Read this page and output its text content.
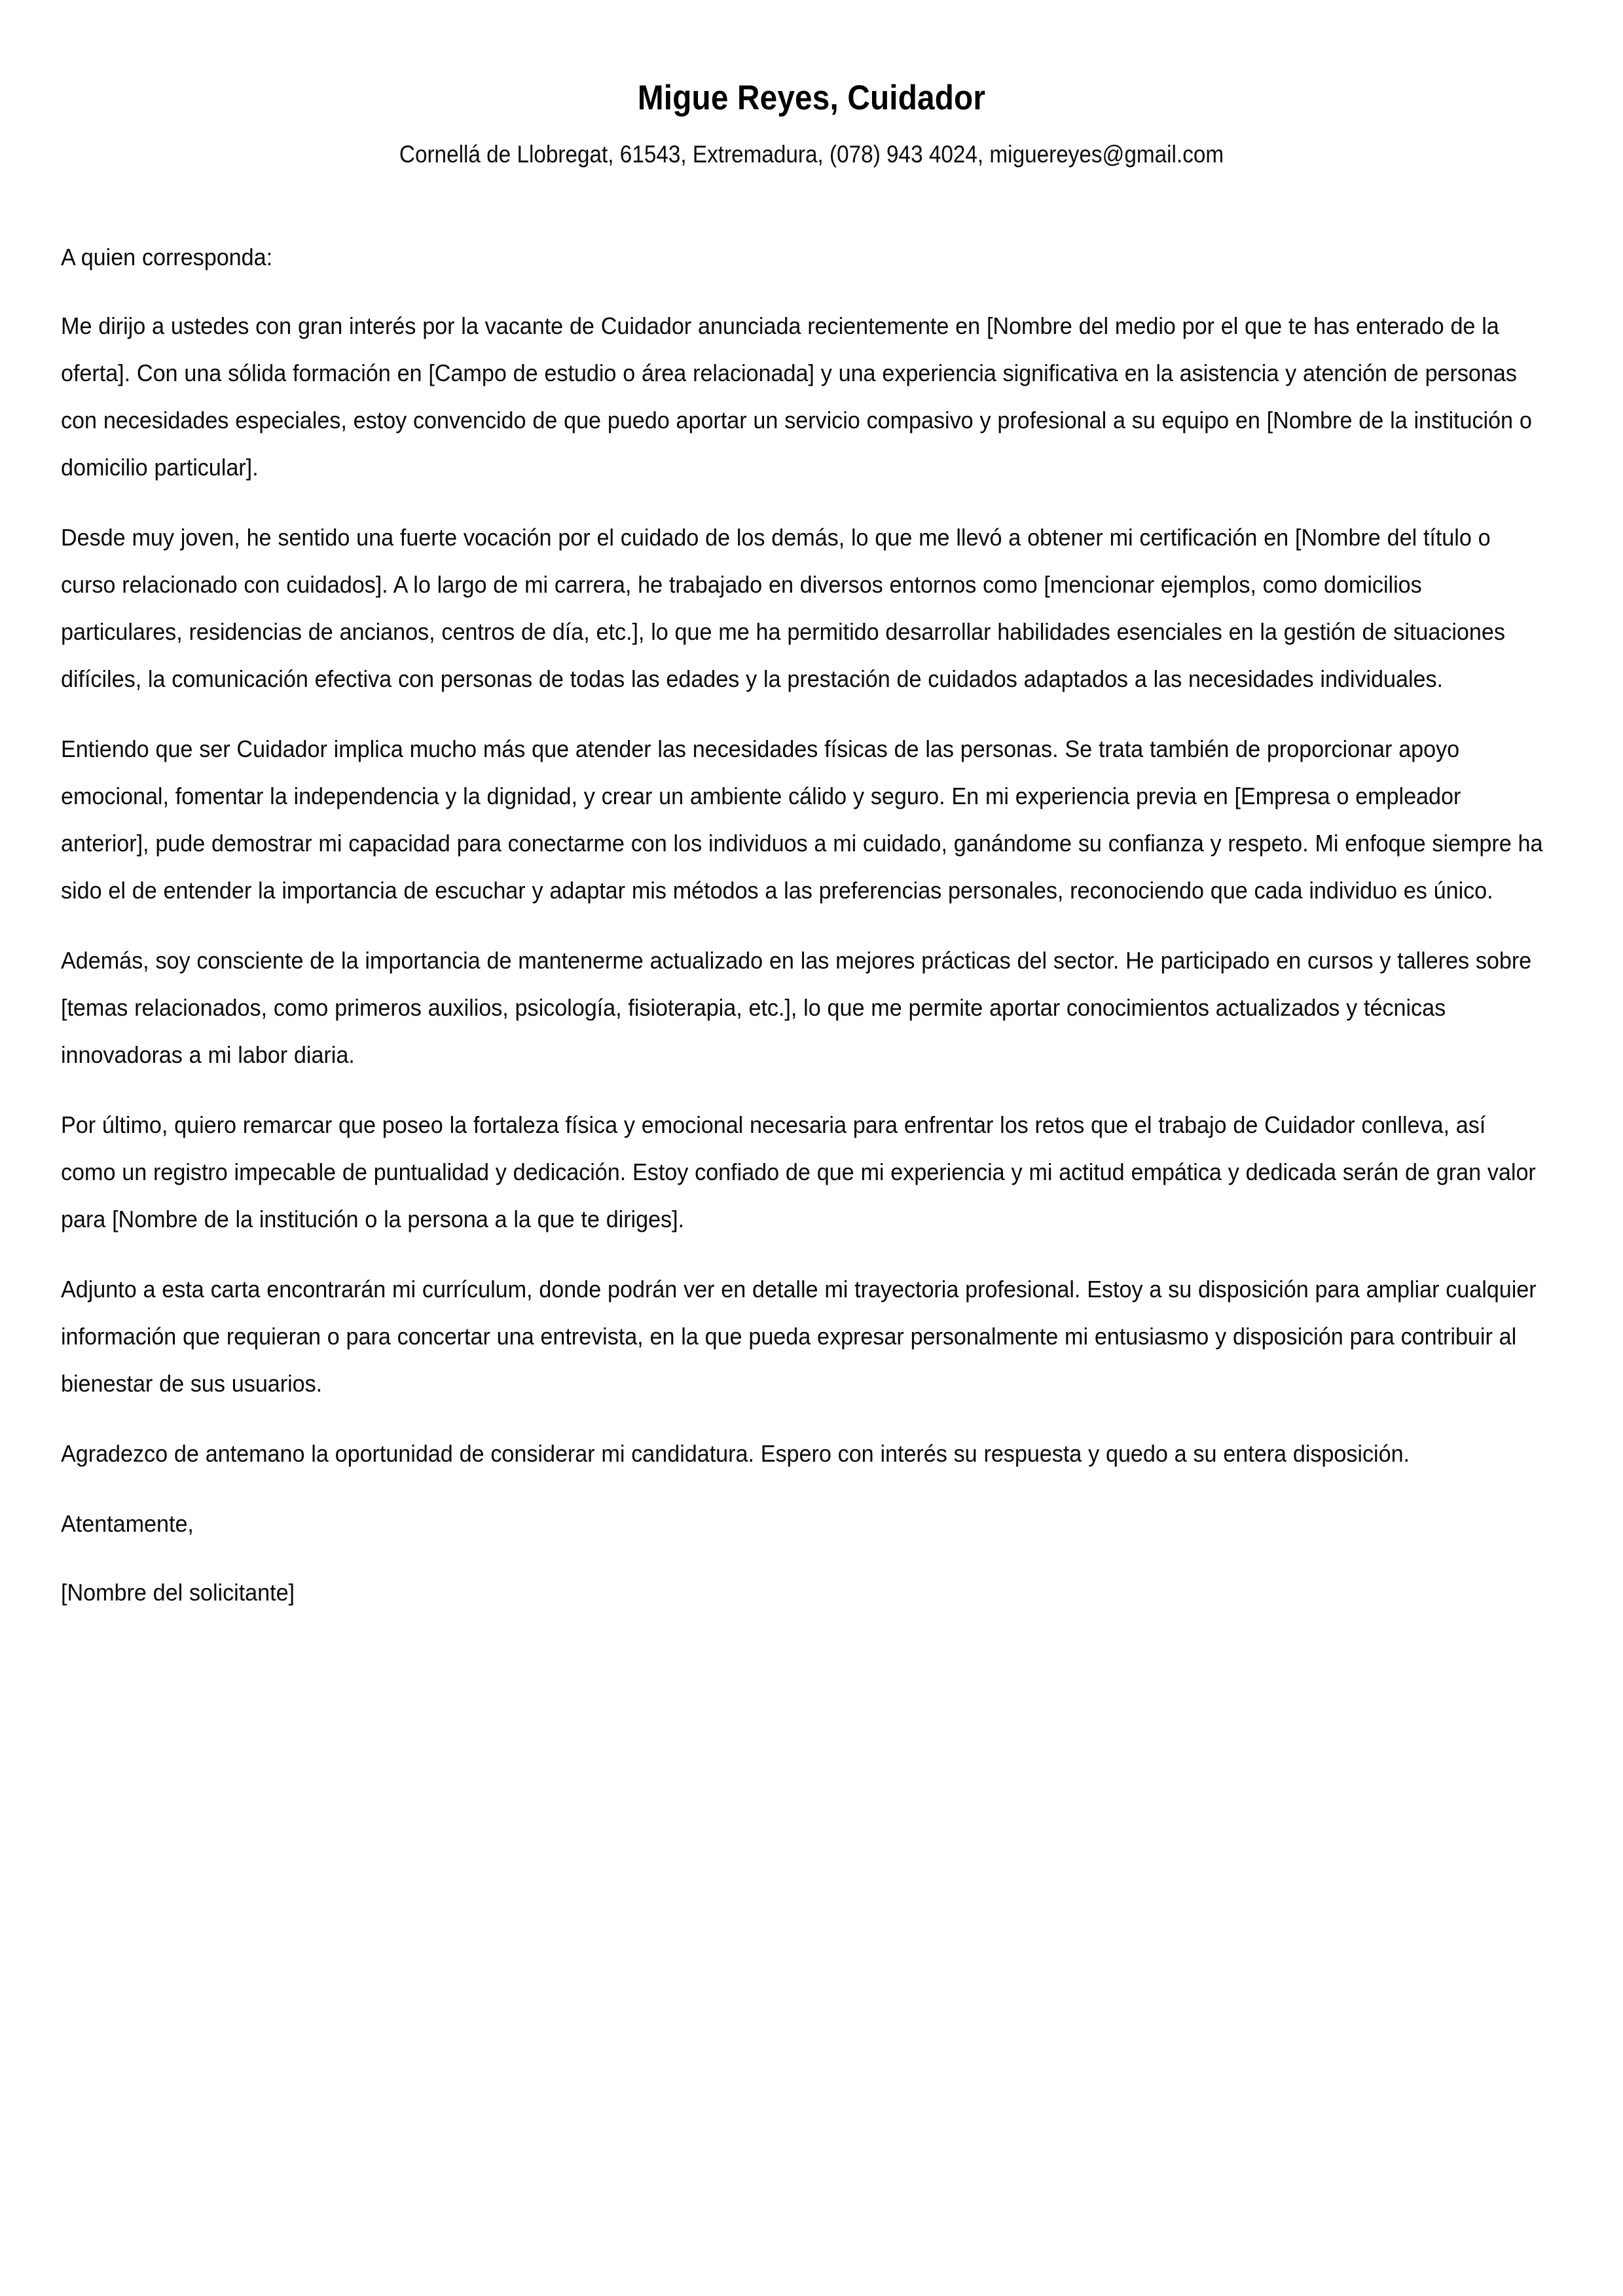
Migue Reyes, Cuidador

Cornellá de Llobregat, 61543, Extremadura, (078) 943 4024, miguereyes@gmail.com

A quien corresponda:

Me dirijo a ustedes con gran interés por la vacante de Cuidador anunciada recientemente en [Nombre del medio por el que te has enterado de la oferta]. Con una sólida formación en [Campo de estudio o área relacionada] y una experiencia significativa en la asistencia y atención de personas con necesidades especiales, estoy convencido de que puedo aportar un servicio compasivo y profesional a su equipo en [Nombre de la institución o domicilio particular].

Desde muy joven, he sentido una fuerte vocación por el cuidado de los demás, lo que me llevó a obtener mi certificación en [Nombre del título o curso relacionado con cuidados]. A lo largo de mi carrera, he trabajado en diversos entornos como [mencionar ejemplos, como domicilios particulares, residencias de ancianos, centros de día, etc.], lo que me ha permitido desarrollar habilidades esenciales en la gestión de situaciones difíciles, la comunicación efectiva con personas de todas las edades y la prestación de cuidados adaptados a las necesidades individuales.

Entiendo que ser Cuidador implica mucho más que atender las necesidades físicas de las personas. Se trata también de proporcionar apoyo emocional, fomentar la independencia y la dignidad, y crear un ambiente cálido y seguro. En mi experiencia previa en [Empresa o empleador anterior], pude demostrar mi capacidad para conectarme con los individuos a mi cuidado, ganándome su confianza y respeto. Mi enfoque siempre ha sido el de entender la importancia de escuchar y adaptar mis métodos a las preferencias personales, reconociendo que cada individuo es único.

Además, soy consciente de la importancia de mantenerme actualizado en las mejores prácticas del sector. He participado en cursos y talleres sobre [temas relacionados, como primeros auxilios, psicología, fisioterapia, etc.], lo que me permite aportar conocimientos actualizados y técnicas innovadoras a mi labor diaria.

Por último, quiero remarcar que poseo la fortaleza física y emocional necesaria para enfrentar los retos que el trabajo de Cuidador conlleva, así como un registro impecable de puntualidad y dedicación. Estoy confiado de que mi experiencia y mi actitud empática y dedicada serán de gran valor para [Nombre de la institución o la persona a la que te diriges].

Adjunto a esta carta encontrarán mi currículum, donde podrán ver en detalle mi trayectoria profesional. Estoy a su disposición para ampliar cualquier información que requieran o para concertar una entrevista, en la que pueda expresar personalmente mi entusiasmo y disposición para contribuir al bienestar de sus usuarios.

Agradezco de antemano la oportunidad de considerar mi candidatura. Espero con interés su respuesta y quedo a su entera disposición.

Atentamente,

[Nombre del solicitante]
